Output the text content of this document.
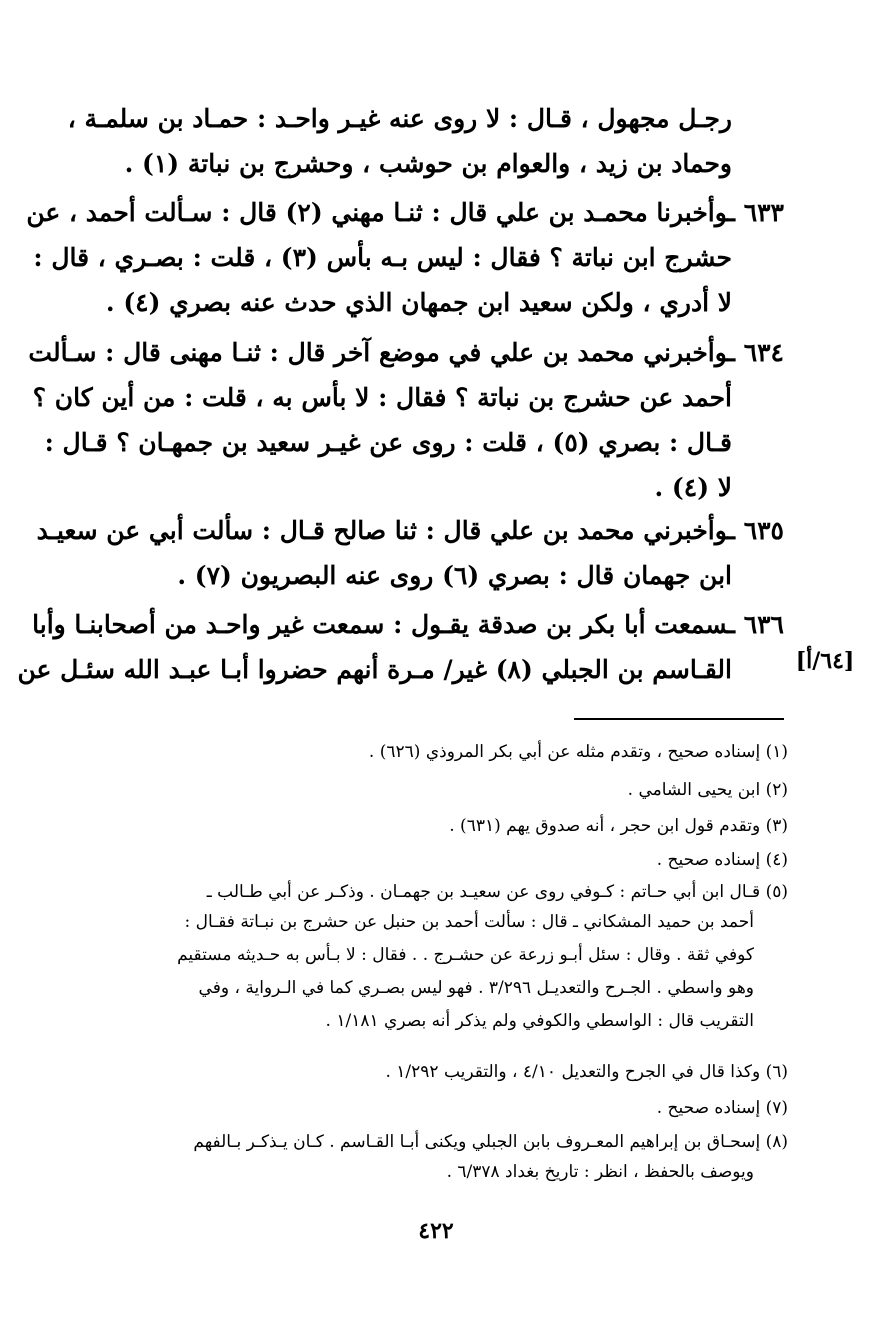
رجـل مجهول ، قـال : لا روى عنه غيـر واحـد : حمـاد بن سلمـة ،
وحماد بن زيد ، والعوام بن حوشب ، وحشرج بن نباتة (١) .
٦٣٣ ـوأخبرنا محمـد بن علي قال : ثنـا مهني (٢) قال : سـألت أحمد ، عن
حشرج ابن نباتة ؟ فقال : ليس بـه بأس (٣) ، قلت : بصـري ، قال :
لا أدري ، ولكن سعيد ابن جمهان الذي حدث عنه بصري (٤) .
٦٣٤ ـوأخبرني محمد بن علي في موضع آخر قال : ثنـا مهنى قال : سـألت
أحمد عن حشرج بن نباتة ؟ فقال : لا بأس به ، قلت : من أين كان ؟
قـال : بصري (٥) ، قلت : روى عن غيـر سعيد بن جمهـان ؟ قـال :
لا (٤) .
٦٣٥ ـوأخبرني محمد بن علي قال : ثنا صالح قـال : سألت أبي عن سعيـد
ابن جهمان قال : بصري (٦) روى عنه البصريون (٧) .
٦٣٦ ـسمعت أبا بكر بن صدقة يقـول : سمعت غير واحـد من أصحابنـا وأبا
القـاسم بن الجبلي (٨) غير/ مـرة أنهم حضروا أبـا عبـد الله سئـل عن	[٦٤/أ]
(١) إسناده صحيح ، وتقدم مثله عن أبي بكر المروذي (٦٢٦) .
(٢) ابن يحيى الشامي .
(٣) وتقدم قول ابن حجر ، أنه صدوق يهم (٦٣١) .
(٤) إسناده صحيح .
(٥) قـال ابن أبي حـاتم : كـوفي روى عن سعيـد بن جهمـان . وذكـر عن أبي طـالب ـ
أحمد بن حميد المشكاني ـ قال : سألت أحمد بن حنبل عن حشرج بن نبـاتة فقـال :
كوفي ثقة . وقال : سئل أبـو زرعة عن حشـرج . . فقال : لا بـأس به حـديثه مستقيم
وهو واسطي . الجـرح والتعديـل ٣/٢٩٦ . فهو ليس بصـري كما في الـرواية ، وفي
التقريب قال : الواسطي والكوفي ولم يذكر أنه بصري ١/١٨١ .
(٦) وكذا قال في الجرح والتعديل ٤/١٠ ، والتقريب ١/٢٩٢ .
(٧) إسناده صحيح .
(٨) إسحـاق بن إبراهيم المعـروف بابن الجبلي ويكنى أبـا القـاسم . كـان يـذكـر بـالفهم
ويوصف بالحفظ ، انظر : تاريخ بغداد ٦/٣٧٨ .
٤٢٢
